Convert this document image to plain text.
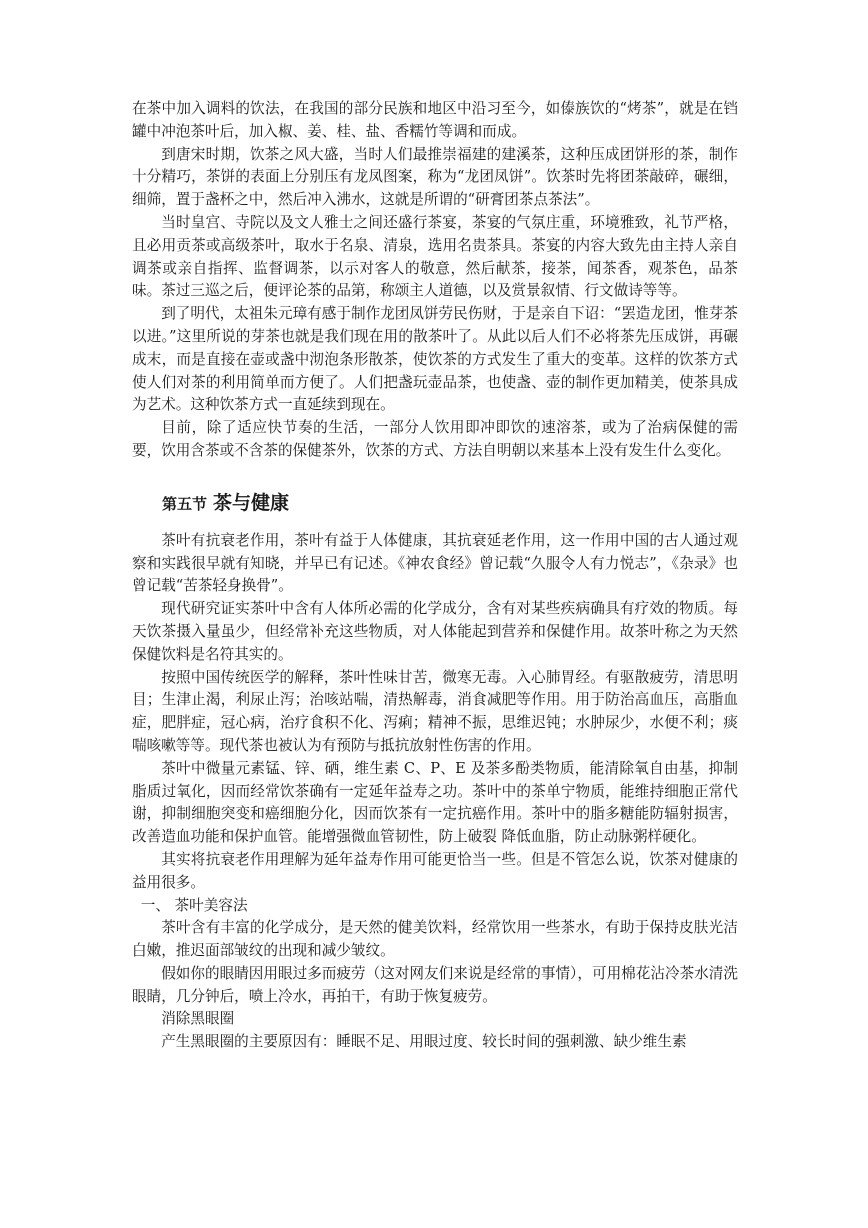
在茶中加入调料的饮法，在我国的部分民族和地区中沿习至今，如傣族饮的“烤茶”，就是在铛罐中冲泡茶叶后，加入椒、姜、桂、盐、香糯竹等调和而成。

到唐宋时期，饮茶之风大盛，当时人们最推崇福建的建溪茶，这种压成团饼形的茶，制作十分精巧，茶饼的表面上分别压有龙凤图案，称为“龙团凤饼”。饮茶时先将团茶敲碎，碾细，细筛，置于盏杯之中，然后冲入沸水，这就是所谓的“研膏团茶点茶法”。

当时皇宫、寺院以及文人雅士之间还盛行茶宴，茶宴的气氛庄重，环境雅致，礼节严格，且必用贡茶或高级茶叶，取水于名泉、清泉，选用名贵茶具。茶宴的内容大致先由主持人亲自调茶或亲自指挥、监督调茶，以示对客人的敬意，然后献茶，接茶，闻茶香，观茶色，品茶味。茶过三巡之后，便评论茶的品第，称颂主人道德，以及赏景叙情、行文做诗等等。

到了明代，太祖朱元璋有感于制作龙团凤饼劳民伤财，于是亲自下诏：“罢造龙团，惟芽茶以进。”这里所说的芽茶也就是我们现在用的散茶叶了。从此以后人们不必将茶先压成饼，再碾成末，而是直接在壶或盏中沏泡条形散茶，使饮茶的方式发生了重大的变革。这样的饮茶方式使人们对茶的利用简单而方便了。人们把盏玩壶品茶，也使盏、壶的制作更加精美，使茶具成为艺术。这种饮茶方式一直延续到现在。

目前，除了适应快节奏的生活，一部分人饮用即冲即饮的速溶茶，或为了治病保健的需要，饮用含茶或不含茶的保健茶外，饮茶的方式、方法自明朝以来基本上没有发生什么变化。

第五节 茶与健康

茶叶有抗衰老作用，茶叶有益于人体健康，其抗衰延老作用，这一作用中国的古人通过观察和实践很早就有知晓，并早已有记述。《神农食经》曾记载“久服令人有力悦志”，《杂录》也曾记载“苦茶轻身换骨”。

现代研究证实茶叶中含有人体所必需的化学成分，含有对某些疾病确具有疗效的物质。每天饮茶摄入量虽少，但经常补充这些物质，对人体能起到营养和保健作用。故茶叶称之为天然保健饮料是名符其实的。

按照中国传统医学的解释，茶叶性味甘苦，微寒无毒。入心肺胃经。有驱散疲劳，清思明目；生津止渴，利尿止泻；治咳站喘，清热解毒，消食减肥等作用。用于防治高血压，高脂血症，肥胖症，冠心病，治疗食积不化、泻痢；精神不振，思维迟钝；水肿尿少，水便不利；痰喘咳嗽等等。现代茶也被认为有预防与抵抗放射性伤害的作用。

茶叶中微量元素锰、锌、硒，维生素 C、P、E 及茶多酚类物质，能清除氧自由基，抑制脂质过氧化，因而经常饮茶确有一定延年益寿之功。茶叶中的茶单宁物质，能维持细胞正常代谢，抑制细胞突变和癌细胞分化，因而饮茶有一定抗癌作用。茶叶中的脂多糖能防辐射损害，改善造血功能和保护血管。能增强微血管韧性，防上破裂 降低血脂，防止动脉粥样硬化。

其实将抗衰老作用理解为延年益寿作用可能更恰当一些。但是不管怎么说，饮茶对健康的益用很多。

一、 茶叶美容法

茶叶含有丰富的化学成分，是天然的健美饮料，经常饮用一些茶水，有助于保持皮肤光洁白嫩，推迟面部皱纹的出现和减少皱纹。

假如你的眼睛因用眼过多而疲劳（这对网友们来说是经常的事情），可用棉花沾冷茶水清洗眼睛，几分钟后，喷上冷水，再拍干，有助于恢复疲劳。

消除黑眼圈

产生黑眼圈的主要原因有：睡眠不足、用眼过度、较长时间的强刺激、缺少维生素
